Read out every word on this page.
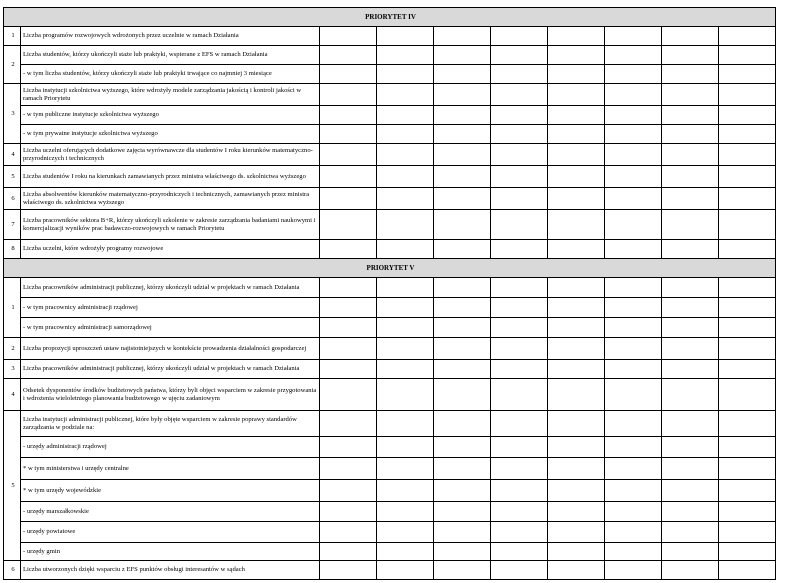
PRIORYTET IV									
1	Liczba programów rozwojowych wdrożonych przez uczelnie w ramach Działania								
2	Liczba studentów, którzy ukończyli staże lub praktyki, wspierane z EFS w ramach Działania								
	- w tym liczba studentów, którzy ukończyli staże lub praktyki trwające co najmniej 3 miesiące								
3	Liczba instytucji szkolnictwa wyższego, które wdrożyły modele zarządzania jakością i kontroli jakości w ramach Priorytetu								
	- w tym publiczne instytucje szkolnictwa wyższego								
	- w tym prywatne instytucje szkolnictwa wyższego								
4	Liczba uczelni oferujących dodatkowe zajęcia wyrównawcze dla studentów I roku kierunków matematyczno-przyrodniczych i technicznych								
5	Liczba studentów I roku na kierunkach zamawianych przez ministra właściwego ds. szkolnictwa wyższego								
6	Liczba absolwentów kierunków matematyczno-przyrodniczych i technicznych, zamawianych przez ministra właściwego ds. szkolnictwa wyższego								
7	Liczba pracowników sektora B+R, którzy ukończyli szkolenie w zakresie zarządzania badaniami naukowymi i komercjalizacji wyników prac badawczo-rozwojowych w ramach Priorytetu								
8	Liczba uczelni, które wdrożyły programy rozwojowe								
PRIORYTET V									
1	Liczba pracowników administracji publicznej, którzy ukończyli udział w projektach w ramach Działania								
	- w tym pracownicy administracji rządowej								
	- w tym pracownicy administracji samorządowej								
2	Liczba propozycji uproszczeń ustaw najistotniejszych w kontekście prowadzenia działalności gospodarczej								
3	Liczba pracowników administracji publicznej, którzy ukończyli udział w projektach w ramach Działania								
4	Odsetek dysponentów środków budżetowych państwa, którzy byli objęci wsparciem w zakresie przygotowania i wdrożenia wieloletniego planowania budżetowego w ujęciu zadaniowym								
5	Liczba instytucji administracji publicznej, które były objęte wsparciem w zakresie poprawy standardów zarządzania w podziale na:								
	- urzędy administracji rządowej								
	* w tym ministerstwa i urzędy centralne								
	* w tym urzędy wojewódzkie								
	- urzędy marszałkowskie								
	- urzędy powiatowe								
	- urzędy gmin								
6	Liczba utworzonych dzięki wsparciu z EFS punktów obsługi interesantów w sądach								
